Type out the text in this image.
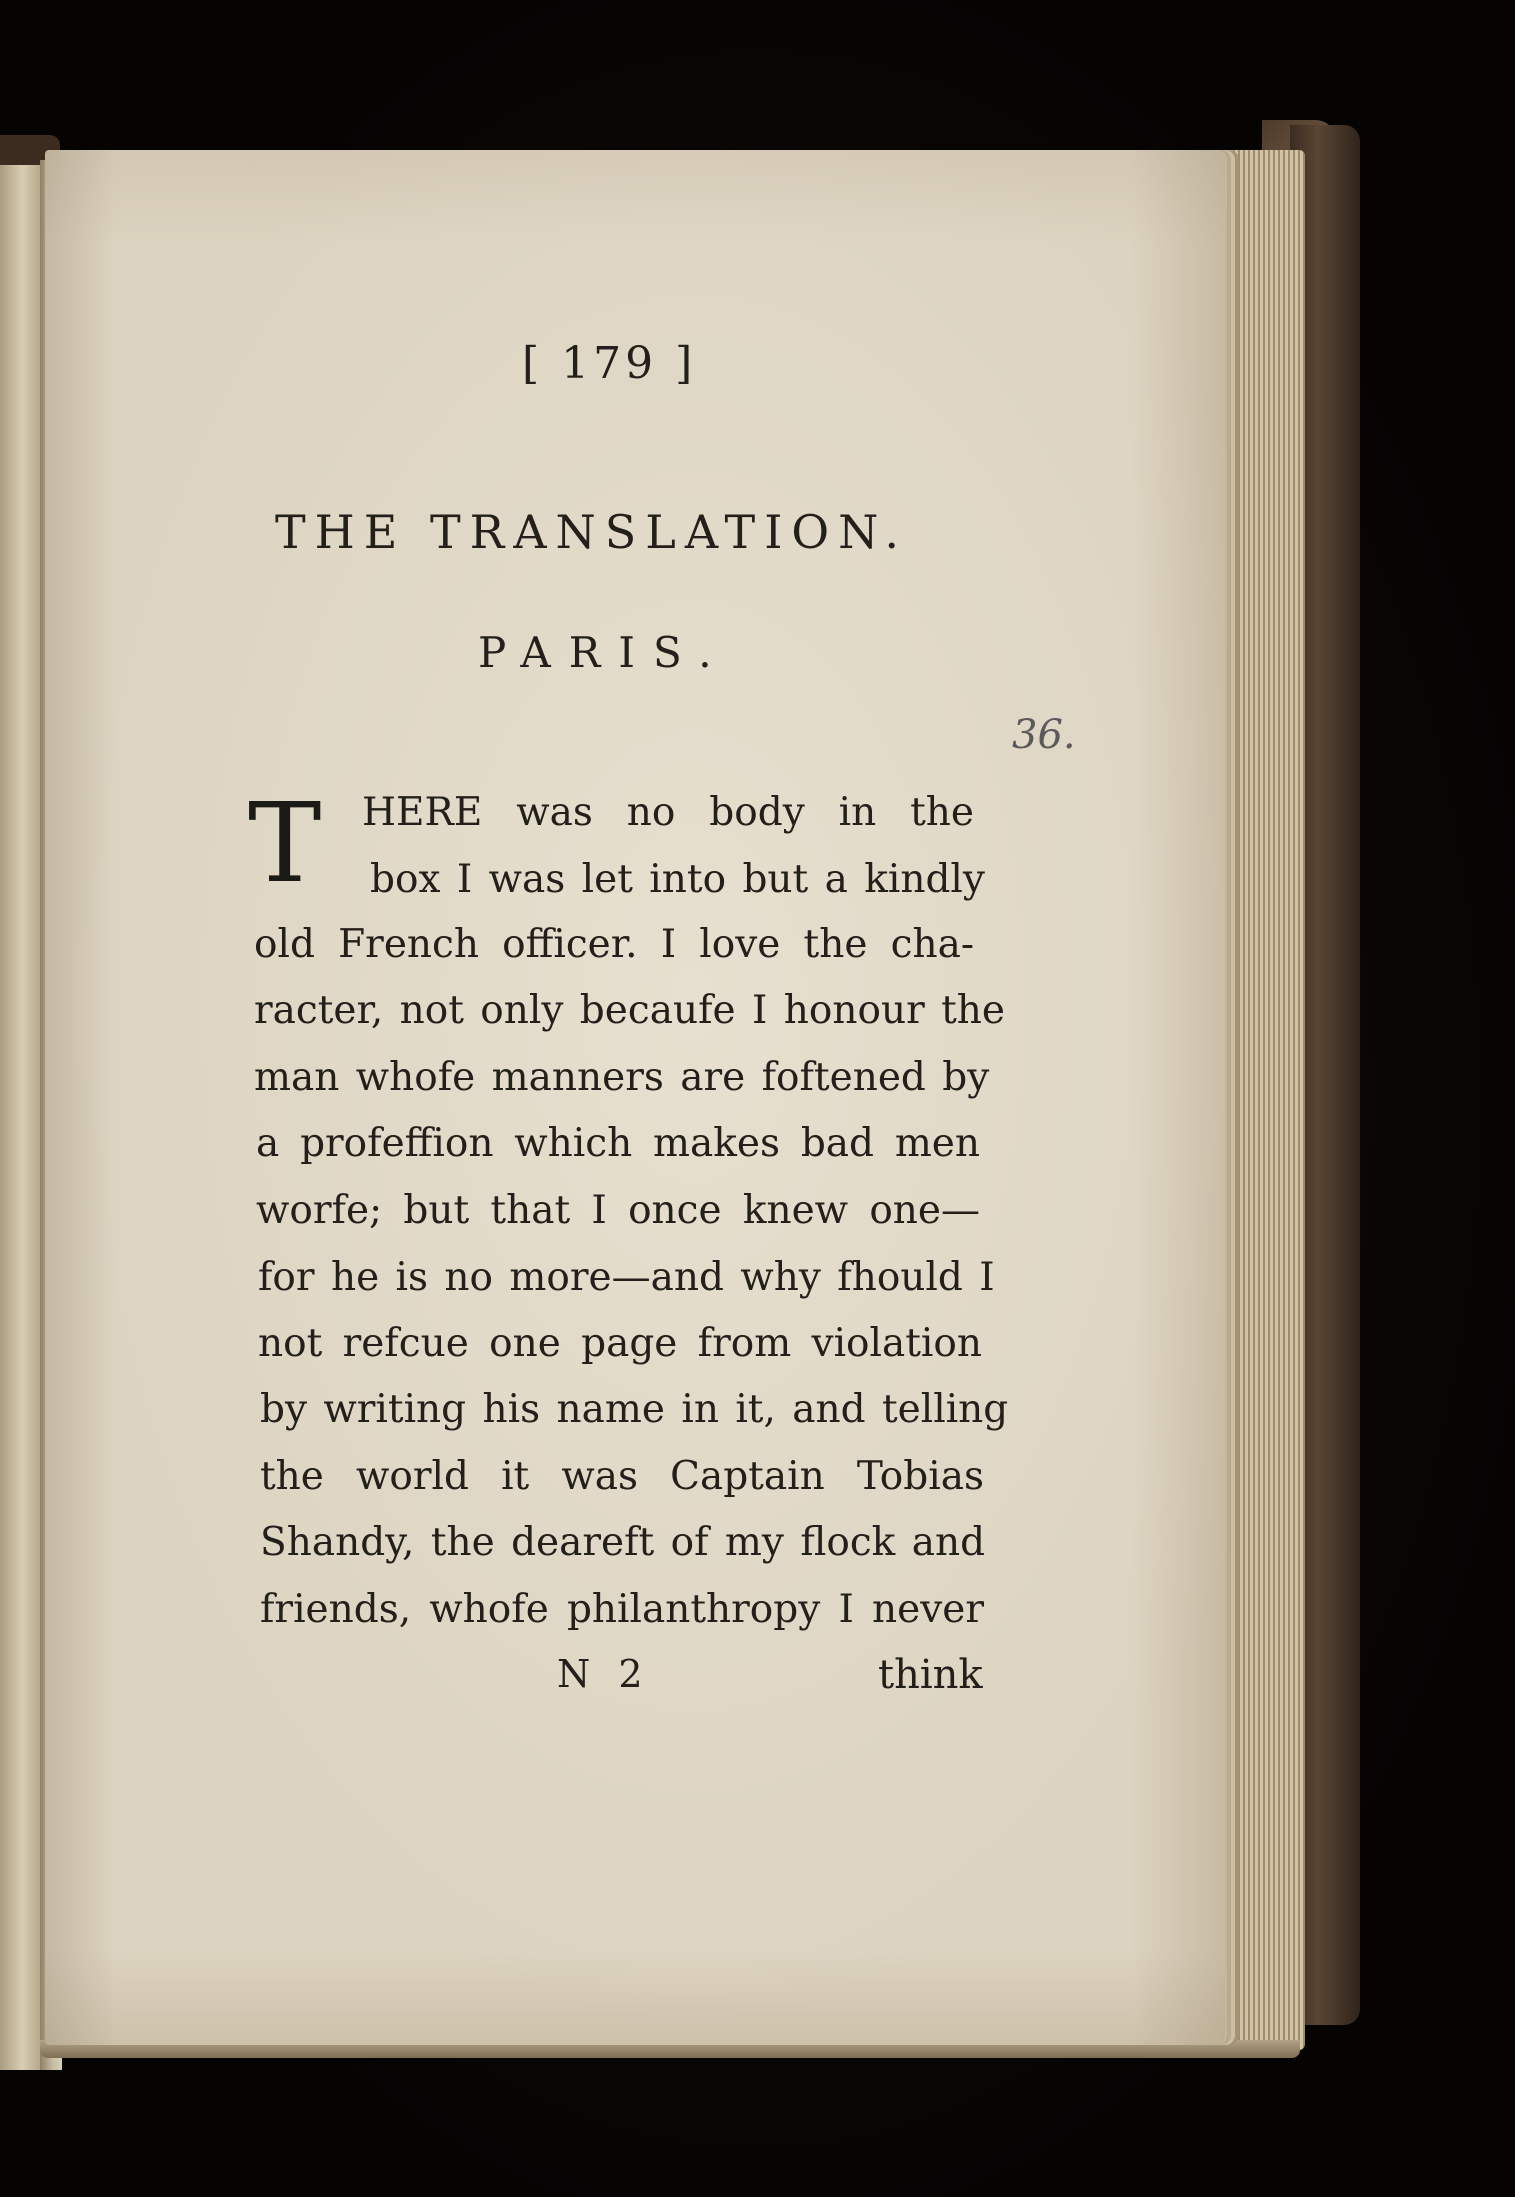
[ 179 ]

THE TRANSLATION.

PARIS.

36.

T HERE was no body in the

box I was let into but a kindly

old French officer. I love the cha-

racter, not only becaufe I honour the

man whofe manners are foftened by

a profeffion which makes bad men

worfe; but that I once knew one—

for he is no more—and why fhould I

not refcue one page from violation

by writing his name in it, and telling

the world it was Captain Tobias

Shandy, the deareft of my flock and

friends, whofe philanthropy I never

N 2	think
